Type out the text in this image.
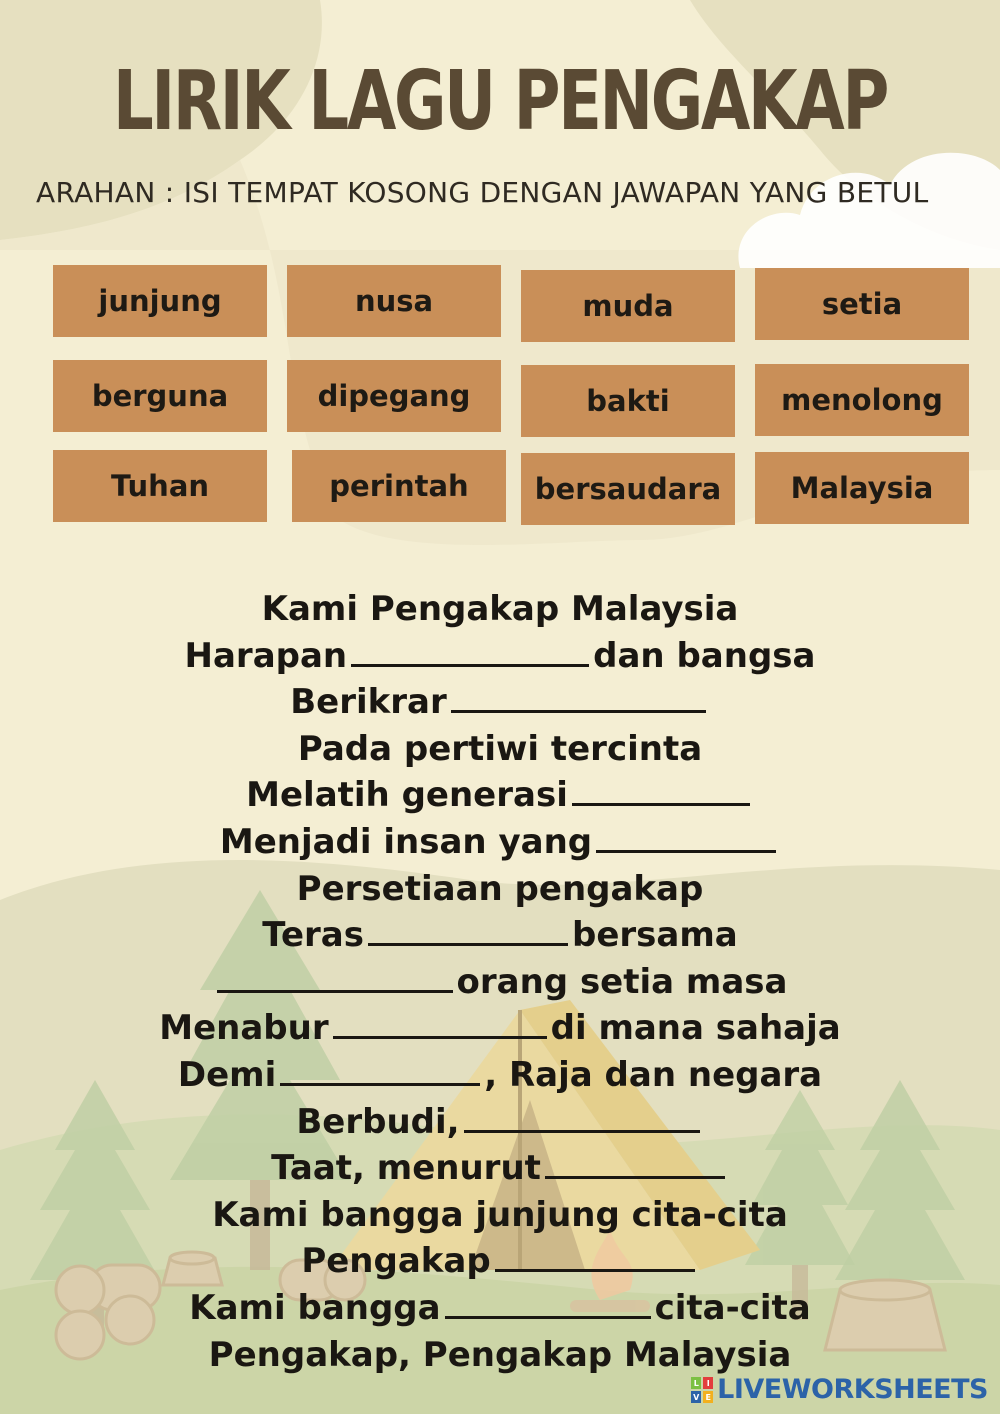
LIRIK LAGU PENGAKAP
ARAHAN : ISI TEMPAT KOSONG DENGAN JAWAPAN YANG BETUL
junjung	nusa	muda	setia
berguna	dipegang	bakti	menolong
Tuhan	perintah	bersaudara	Malaysia
Kami Pengakap Malaysia
Harapan	dan bangsa
Berikrar
Pada pertiwi tercinta
Melatih generasi
Menjadi insan yang
Persetiaan pengakap
Teras	bersama
orang setia masa
Menabur	di mana sahaja
Demi	, Raja dan negara
Berbudi,
Taat, menurut
Kami bangga junjung cita-cita
Pengakap
Kami bangga	cita-cita
Pengakap, Pengakap Malaysia
L I
V E LIVEWORKSHEETS
